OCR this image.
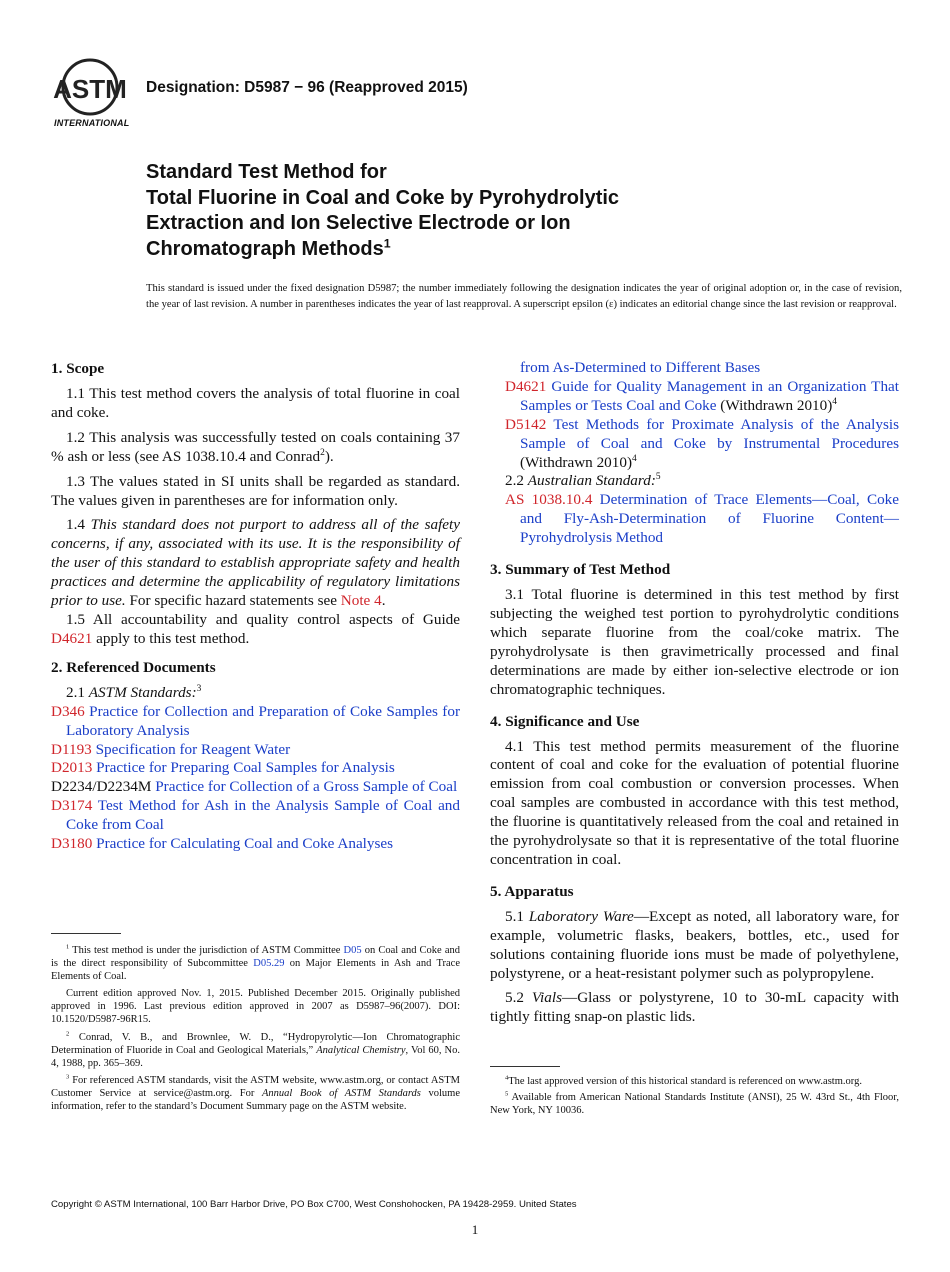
ASTM
INTERNATIONAL
Designation: D5987 − 96 (Reapproved 2015)
Standard Test Method for
Total Fluorine in Coal and Coke by Pyrohydrolytic
Extraction and Ion Selective Electrode or Ion
Chromatograph Methods$^1$
This standard is issued under the fixed designation D5987; the number immediately following the designation indicates the year of original adoption or, in the case of revision, the year of last revision. A number in parentheses indicates the year of last reapproval. A superscript epsilon (ε) indicates an editorial change since the last revision or reapproval.

1. Scope

1.1 This test method covers the analysis of total fluorine in coal and coke.

1.2 This analysis was successfully tested on coals containing 37 % ash or less (see AS 1038.10.4 and Conrad$^2$).

1.3 The values stated in SI units shall be regarded as standard. The values given in parentheses are for information only.

1.4 This standard does not purport to address all of the safety concerns, if any, associated with its use. It is the responsibility of the user of this standard to establish appropriate safety and health practices and determine the applicability of regulatory limitations prior to use. For specific hazard statements see Note 4.

1.5 All accountability and quality control aspects of Guide D4621 apply to this test method.

2. Referenced Documents

2.1 ASTM Standards:$^3$

D346 Practice for Collection and Preparation of Coke Samples for Laboratory Analysis

D1193 Specification for Reagent Water

D2013 Practice for Preparing Coal Samples for Analysis

D2234/D2234M Practice for Collection of a Gross Sample of Coal

D3174 Test Method for Ash in the Analysis Sample of Coal and Coke from Coal

D3180 Practice for Calculating Coal and Coke Analyses

$^1$ This test method is under the jurisdiction of ASTM Committee D05 on Coal and Coke and is the direct responsibility of Subcommittee D05.29 on Major Elements in Ash and Trace Elements of Coal.

Current edition approved Nov. 1, 2015. Published December 2015. Originally published approved in 1996. Last previous edition approved in 2007 as D5987–96(2007). DOI: 10.1520/D5987-96R15.

$^2$ Conrad, V. B., and Brownlee, W. D., “Hydropyrolytic—Ion Chromatographic Determination of Fluoride in Coal and Geological Materials,” Analytical Chemistry, Vol 60, No. 4, 1988, pp. 365–369.

$^3$ For referenced ASTM standards, visit the ASTM website, www.astm.org, or contact ASTM Customer Service at service@astm.org. For Annual Book of ASTM Standards volume information, refer to the standard’s Document Summary page on the ASTM website.

from As-Determined to Different Bases

D4621 Guide for Quality Management in an Organization That Samples or Tests Coal and Coke (Withdrawn 2010)$^4$

D5142 Test Methods for Proximate Analysis of the Analysis Sample of Coal and Coke by Instrumental Procedures (Withdrawn 2010)$^4$

2.2 Australian Standard:$^5$

AS 1038.10.4 Determination of Trace Elements—Coal, Coke and Fly-Ash-Determination of Fluorine Content—Pyrohydrolysis Method

3. Summary of Test Method

3.1 Total fluorine is determined in this test method by first subjecting the weighed test portion to pyrohydrolytic conditions which separate fluorine from the coal/coke matrix. The pyrohydrolysate is then gravimetrically processed and final determinations are made by either ion-selective electrode or ion chromatographic techniques.

4. Significance and Use

4.1 This test method permits measurement of the fluorine content of coal and coke for the evaluation of potential fluorine emission from coal combustion or conversion processes. When coal samples are combusted in accordance with this test method, the fluorine is quantitatively released from the coal and retained in the pyrohydrolysate so that it is representative of the total fluorine concentration in coal.

5. Apparatus

5.1 Laboratory Ware—Except as noted, all laboratory ware, for example, volumetric flasks, beakers, bottles, etc., used for solutions containing fluoride ions must be made of polyethylene, polystyrene, or a heat-resistant polymer such as polypropylene.

5.2 Vials—Glass or polystyrene, 10 to 30-mL capacity with tightly fitting snap-on plastic lids.

$^4$The last approved version of this historical standard is referenced on www.astm.org.

$^5$ Available from American National Standards Institute (ANSI), 25 W. 43rd St., 4th Floor, New York, NY 10036.

Copyright © ASTM International, 100 Barr Harbor Drive, PO Box C700, West Conshohocken, PA 19428-2959. United States
1
